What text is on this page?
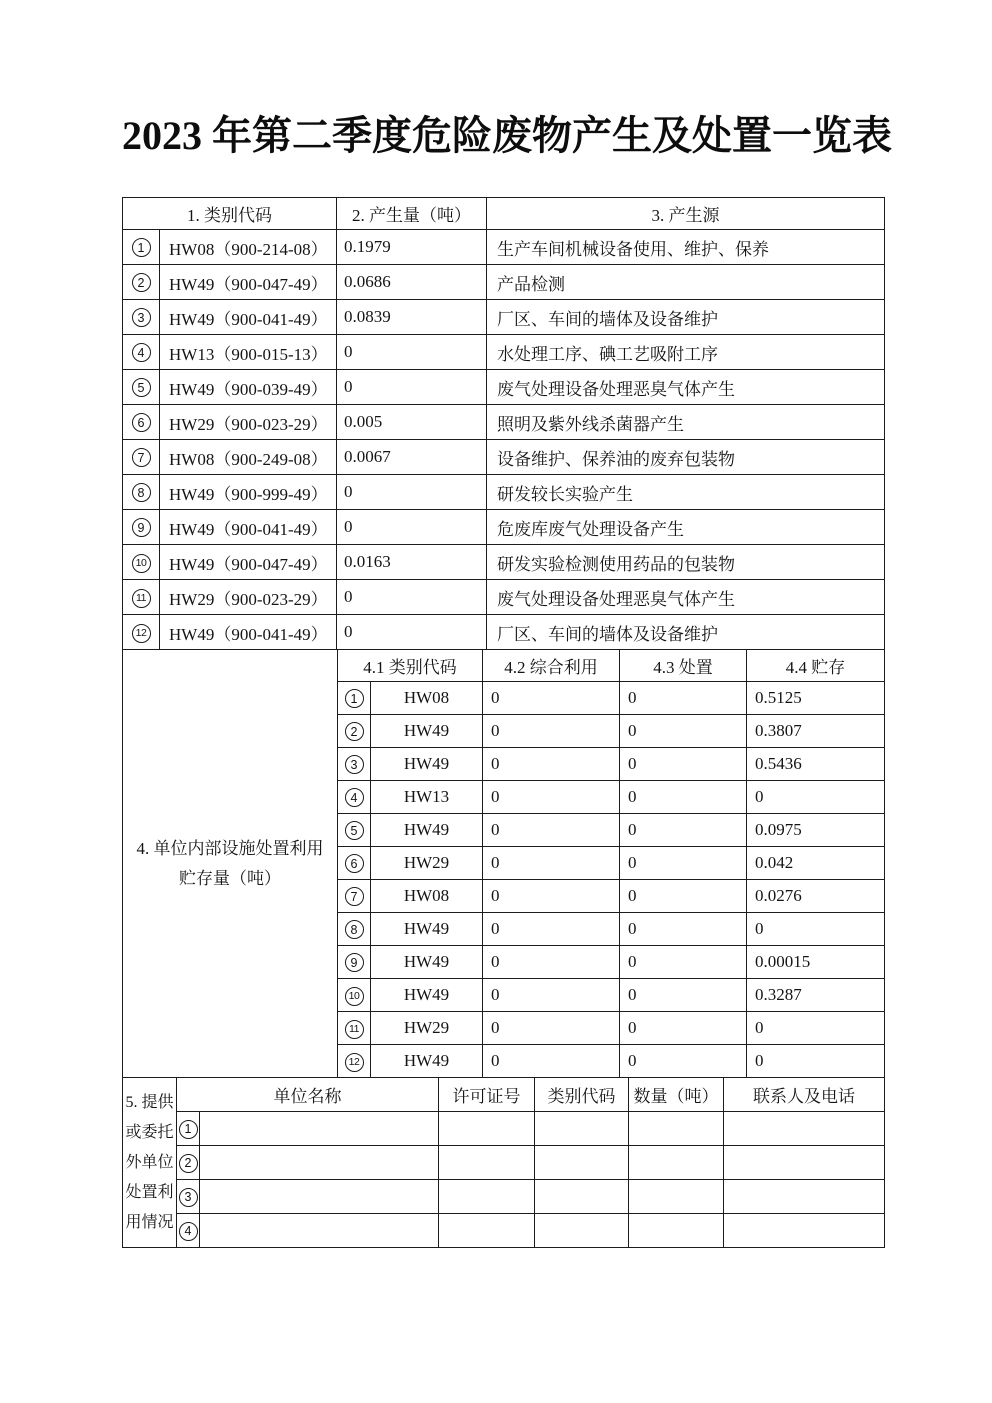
2023 年第二季度危险废物产生及处置一览表
1. 类别代码		2. 产生量（吨）	3. 产生源
1	HW08（900-214-08）	0.1979	生产车间机械设备使用、维护、保养
2	HW49（900-047-49）	0.0686	产品检测
3	HW49（900-041-49）	0.0839	厂区、车间的墙体及设备维护
4	HW13（900-015-13）	0	水处理工序、碘工艺吸附工序
5	HW49（900-039-49）	0	废气处理设备处理恶臭气体产生
6	HW29（900-023-29）	0.005	照明及紫外线杀菌器产生
7	HW08（900-249-08）	0.0067	设备维护、保养油的废弃包装物
8	HW49（900-999-49）	0	研发较长实验产生
9	HW49（900-041-49）	0	危废库废气处理设备产生
10	HW49（900-047-49）	0.0163	研发实验检测使用药品的包装物
11	HW29（900-023-29）	0	废气处理设备处理恶臭气体产生
12	HW49（900-041-49）	0	厂区、车间的墙体及设备维护
4. 单位内部设施处置利用
贮存量（吨）	4.1 类别代码		4.2 综合利用	4.3 处置	4.4 贮存
	1	HW08	0	0	0.5125
	2	HW49	0	0	0.3807
	3	HW49	0	0	0.5436
	4	HW13	0	0	0
	5	HW49	0	0	0.0975
	6	HW29	0	0	0.042
	7	HW08	0	0	0.0276
	8	HW49	0	0	0
	9	HW49	0	0	0.00015
	10	HW49	0	0	0.3287
	11	HW29	0	0	0
	12	HW49	0	0	0
5. 提供
或委托
外单位
处置利
用情况	单位名称		许可证号	类别代码	数量（吨）	联系人及电话
	1					
	2					
	3					
	4					
